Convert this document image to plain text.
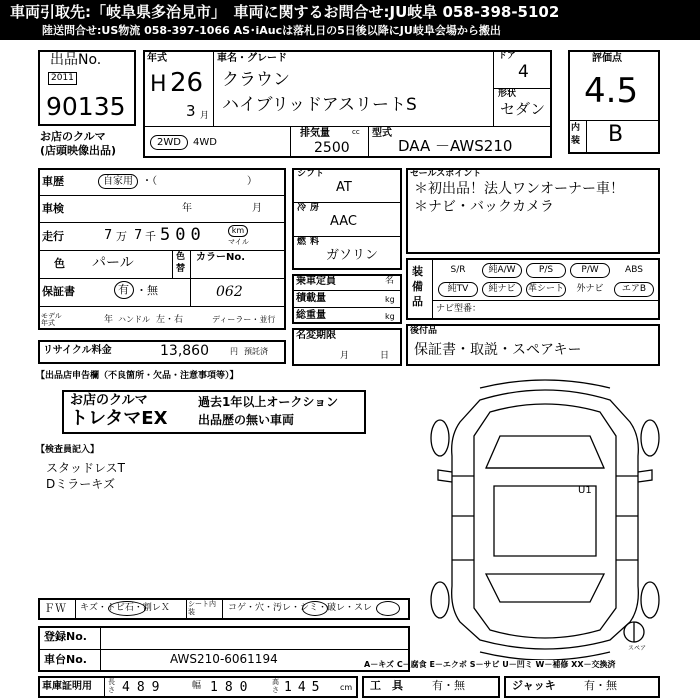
車両引取先:「岐阜県多治見市」　車両に関するお問合せ:JU岐阜 058-398-5102
陸送問合せ:US物流 058-397-1066 AS･iAucは落札日の5日後以降にJU岐阜会場から搬出
出品No.
2011
90135
お店のクルマ
(店頭映像出品)
年式
H 26
3 月
車名・グレード
クラウン
ハイブリッドアスリートS
ドア
4
形状
セダン
2WD	4WD
排気量	cc
2500
型式
DAA －AWS210
評価点
4.5
内
装 B
車歴	自家用 ・（　　　　　　　　　）
車検	年	月
走行	7 万 7 千 500	km
マイル
色 パール	色
替
カラーNo.
062
保証書	有 ・無
モデル年式	年 ハンドル 左・右	ディーラー・並行
リサイクル料金	13,860	円 預託済
シフト
AT
冷房
AAC
燃料
ガソリン
乗車定員	名
積載量	kg
総重量	kg
名変期限
月	日
セールスポイント
＊初出品！法人ワンオーナー車！
＊ナビ・バックカメラ
装備品
S/R	純A/W	P/S	P/W	ABS
純TV	純ナビ	革シート	外ナビ	エアB
ナビ型番：
後付品
保証書・取説・スペアキー
【出品店申告欄（不良箇所・欠品・注意事項等）】
お店のクルマ
トレタマEX
過去1年以上オークション
出品歴の無い車両
【検査員記入】
スタッドレスT
Dミラーキズ	U1
スペア
ＦＷ キズ・トビ石・割レＸ	シート内装	コゲ・穴・汚レ・シミ・破レ・スレ
登録No.
車台No.	AWS210-6061194	A－キズ C－腐食 E－エクボ S－サビ U－凹ミ W－補修 XX－交換済
車庫証明用 長さ 489	幅 180	高さ 145 cm 工　具	有・無	ジャッキ	有・無
